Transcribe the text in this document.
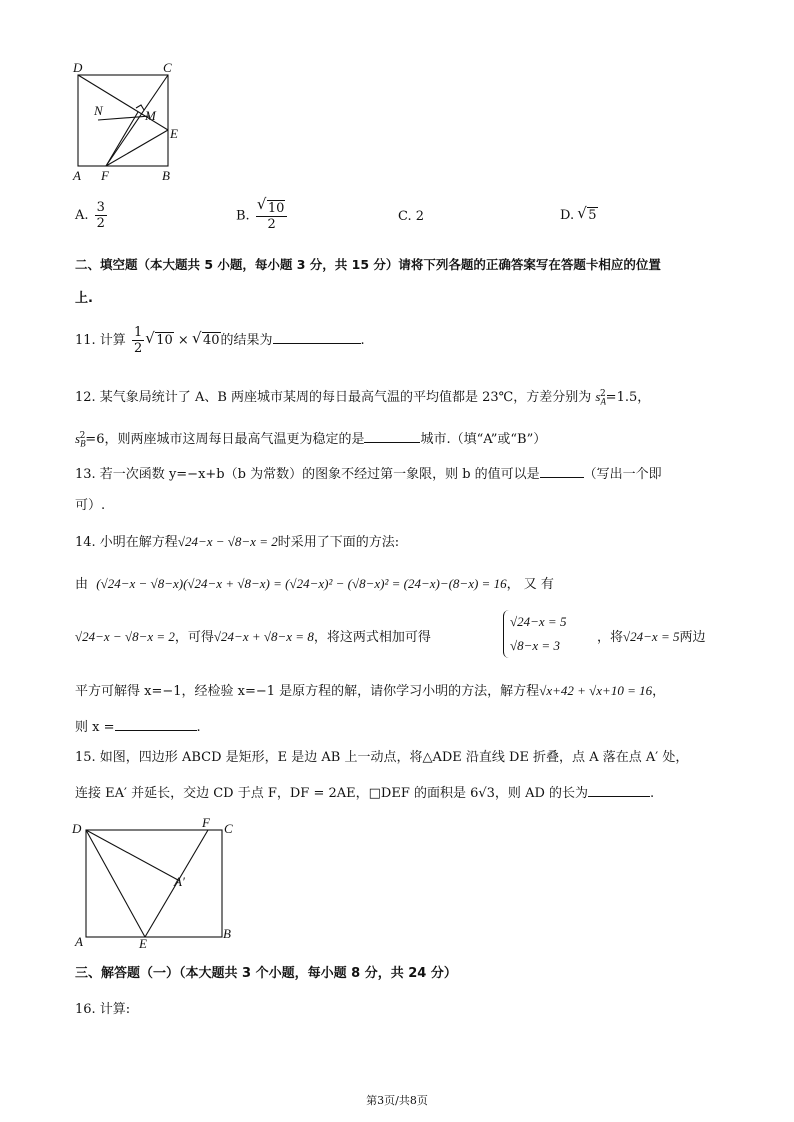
D	C
N	M
E
A F	B
A. $\frac{3}{2}$	B. √ $\frac{10}{2}$	C. 2	D. √ 5
二、填空题（本大题共 5 小题，每小题 3 分，共 15 分）请将下列各题的正确答案写在答题卡相应的位置
上.
11. 计算 $\frac{1}{2}$ √ 10 × √ 40的结果为	.
12. 某气象局统计了 A、B 两座城市某周的每日最高气温的平均值都是 23℃，方差分别为 $s_A^2=1.5$，
$s_B^2=6$，则两座城市这周每日最高气温更为稳定的是	城市.（填“A”或“B”）
13. 若一次函数 y=−x+b（b 为常数）的图象不经过第一象限，则 b 的值可以是	（写出一个即
可）.
14. 小明在解方程√24−x − √8−x = 2时采用了下面的方法:
由 (√24−x − √8−x)(√24−x + √8−x) = (√24−x)² − (√8−x)² = (24−x)−(8−x) = 16， 又 有
√24−x − √8−x = 2，可得√24−x + √8−x = 8，将这两式相加可得
√24−x = 5
√8−x = 3
，将√24−x = 5两边
平方可解得 x=−1，经检验 x=−1 是原方程的解，请你学习小明的方法，解方程√x+42 + √x+10 = 16，
则 x =	.
15. 如图，四边形 ABCD 是矩形，E 是边 AB 上一动点，将△ADE 沿直线 DE 折叠，点 A 落在点 A′ 处，
连接 EA′ 并延长，交边 CD 于点 F，DF = 2AE，□DEF 的面积是 6√3，则 AD 的长为	.
D	F C
A′
A	E
B
三、解答题（一）（本大题共 3 个小题，每小题 8 分，共 24 分）
16. 计算:
第3页/共8页
